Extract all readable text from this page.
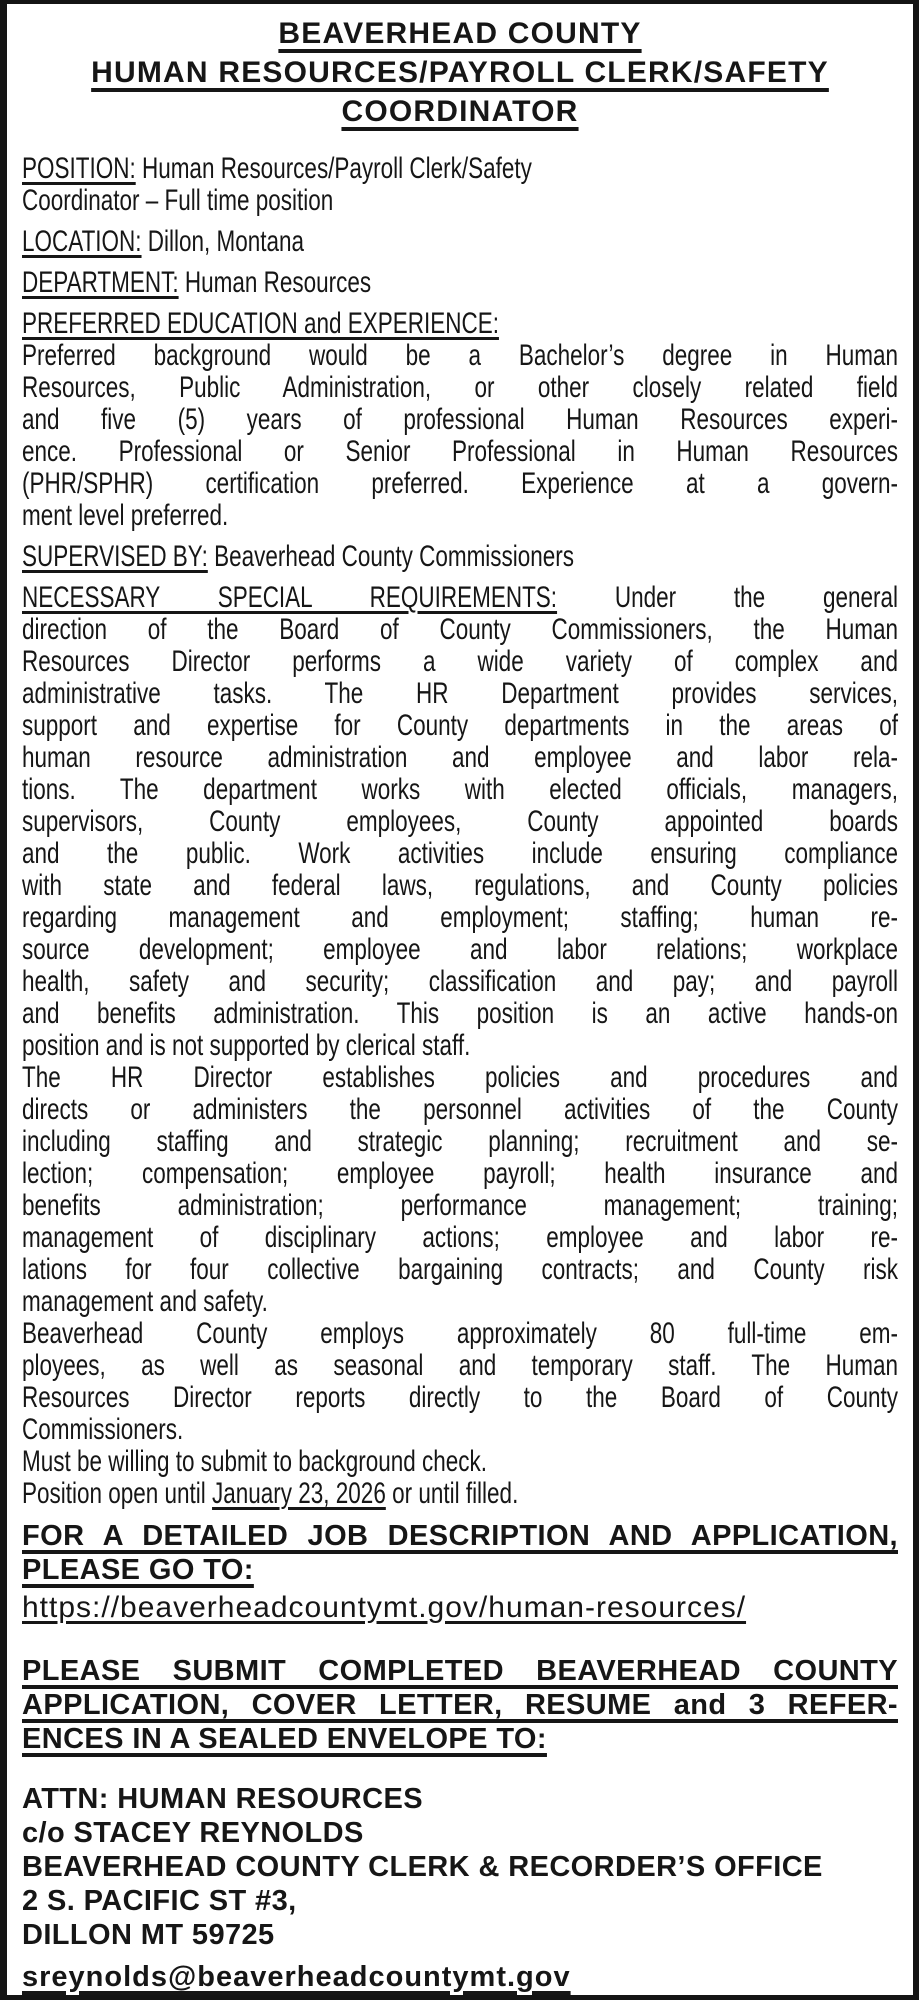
BEAVERHEAD COUNTY
HUMAN RESOURCES/PAYROLL CLERK/SAFETY
COORDINATOR
POSITION: Human Resources/Payroll Clerk/Safety
Coordinator – Full time position
LOCATION: Dillon, Montana
DEPARTMENT: Human Resources
PREFERRED EDUCATION and EXPERIENCE:
Preferred background would be a Bachelor’s degree in Human
Resources, Public Administration, or other closely related field
and five (5) years of professional Human Resources experi-
ence. Professional or Senior Professional in Human Resources
(PHR/SPHR) certification preferred. Experience at a govern-
ment level preferred.
SUPERVISED BY: Beaverhead County Commissioners
NECESSARY SPECIAL REQUIREMENTS: Under the general
direction of the Board of County Commissioners, the Human
Resources Director performs a wide variety of complex and
administrative tasks. The HR Department provides services,
support and expertise for County departments in the areas of
human resource administration and employee and labor rela-
tions. The department works with elected officials, managers,
supervisors, County employees, County appointed boards
and the public. Work activities include ensuring compliance
with state and federal laws, regulations, and County policies
regarding management and employment; staffing; human re-
source development; employee and labor relations; workplace
health, safety and security; classification and pay; and payroll
and benefits administration. This position is an active hands-on
position and is not supported by clerical staff.
The HR Director establishes policies and procedures and
directs or administers the personnel activities of the County
including staffing and strategic planning; recruitment and se-
lection; compensation; employee payroll; health insurance and
benefits administration; performance management; training;
management of disciplinary actions; employee and labor re-
lations for four collective bargaining contracts; and County risk
management and safety.
Beaverhead County employs approximately 80 full-time em-
ployees, as well as seasonal and temporary staff. The Human
Resources Director reports directly to the Board of County
Commissioners.
Must be willing to submit to background check.
Position open until January 23, 2026 or until filled.
FOR A DETAILED JOB DESCRIPTION AND APPLICATION,
PLEASE GO TO:
https://beaverheadcountymt.gov/human-resources/
PLEASE SUBMIT COMPLETED BEAVERHEAD COUNTY
APPLICATION, COVER LETTER, RESUME and 3 REFER-
ENCES IN A SEALED ENVELOPE TO:
ATTN: HUMAN RESOURCES
c/o STACEY REYNOLDS
BEAVERHEAD COUNTY CLERK & RECORDER’S OFFICE
2 S. PACIFIC ST #3,
DILLON MT 59725
sreynolds@beaverheadcountymt.gov
